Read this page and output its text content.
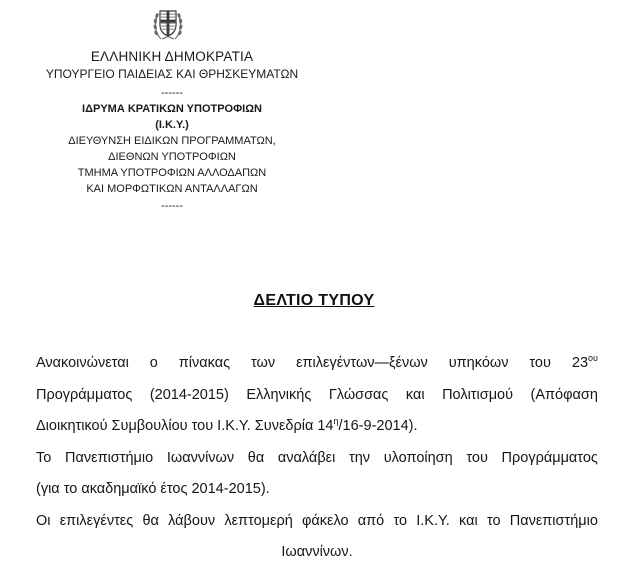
ΕΛΛΗΝΙΚΗ ΔΗΜΟΚΡΑΤΙΑ
ΥΠΟΥΡΓΕΙΟ ΠΑΙΔΕΙΑΣ ΚΑΙ ΘΡΗΣΚΕΥΜΑΤΩΝ
------
ΙΔΡΥΜΑ ΚΡΑΤΙΚΩΝ ΥΠΟΤΡΟΦΙΩΝ
(Ι.Κ.Υ.)
ΔΙΕΥΘΥΝΣΗ ΕΙΔΙΚΩΝ ΠΡΟΓΡΑΜΜΑΤΩΝ,
ΔΙΕΘΝΩΝ ΥΠΟΤΡΟΦΙΩΝ
ΤΜΗΜΑ ΥΠΟΤΡΟΦΙΩΝ ΑΛΛΟΔΑΠΩΝ
ΚΑΙ ΜΟΡΦΩΤΙΚΩΝ ΑΝΤΑΛΛΑΓΩΝ
------
ΔΕΛΤΙΟ ΤΥΠΟΥ

Ανακοινώνεται ο πίνακας των επιλεγέντων—ξένων υπηκόων του $23^{o\upsilon}$
Προγράμματος (2014-2015) Ελληνικής Γλώσσας και Πολιτισμού (Απόφαση
Διοικητικού Συμβουλίου του Ι.Κ.Υ. Συνεδρία $14^\eta/16-9-2014$).

Το Πανεπιστήμιο Ιωαννίνων θα αναλάβει την υλοποίηση του Προγράμματος
(για το ακαδημαϊκό έτος 2014-2015).

Οι επιλεγέντες θα λάβουν λεπτομερή φάκελο από το Ι.Κ.Υ. και το Πανεπιστήμιο
Ιωαννίνων.
